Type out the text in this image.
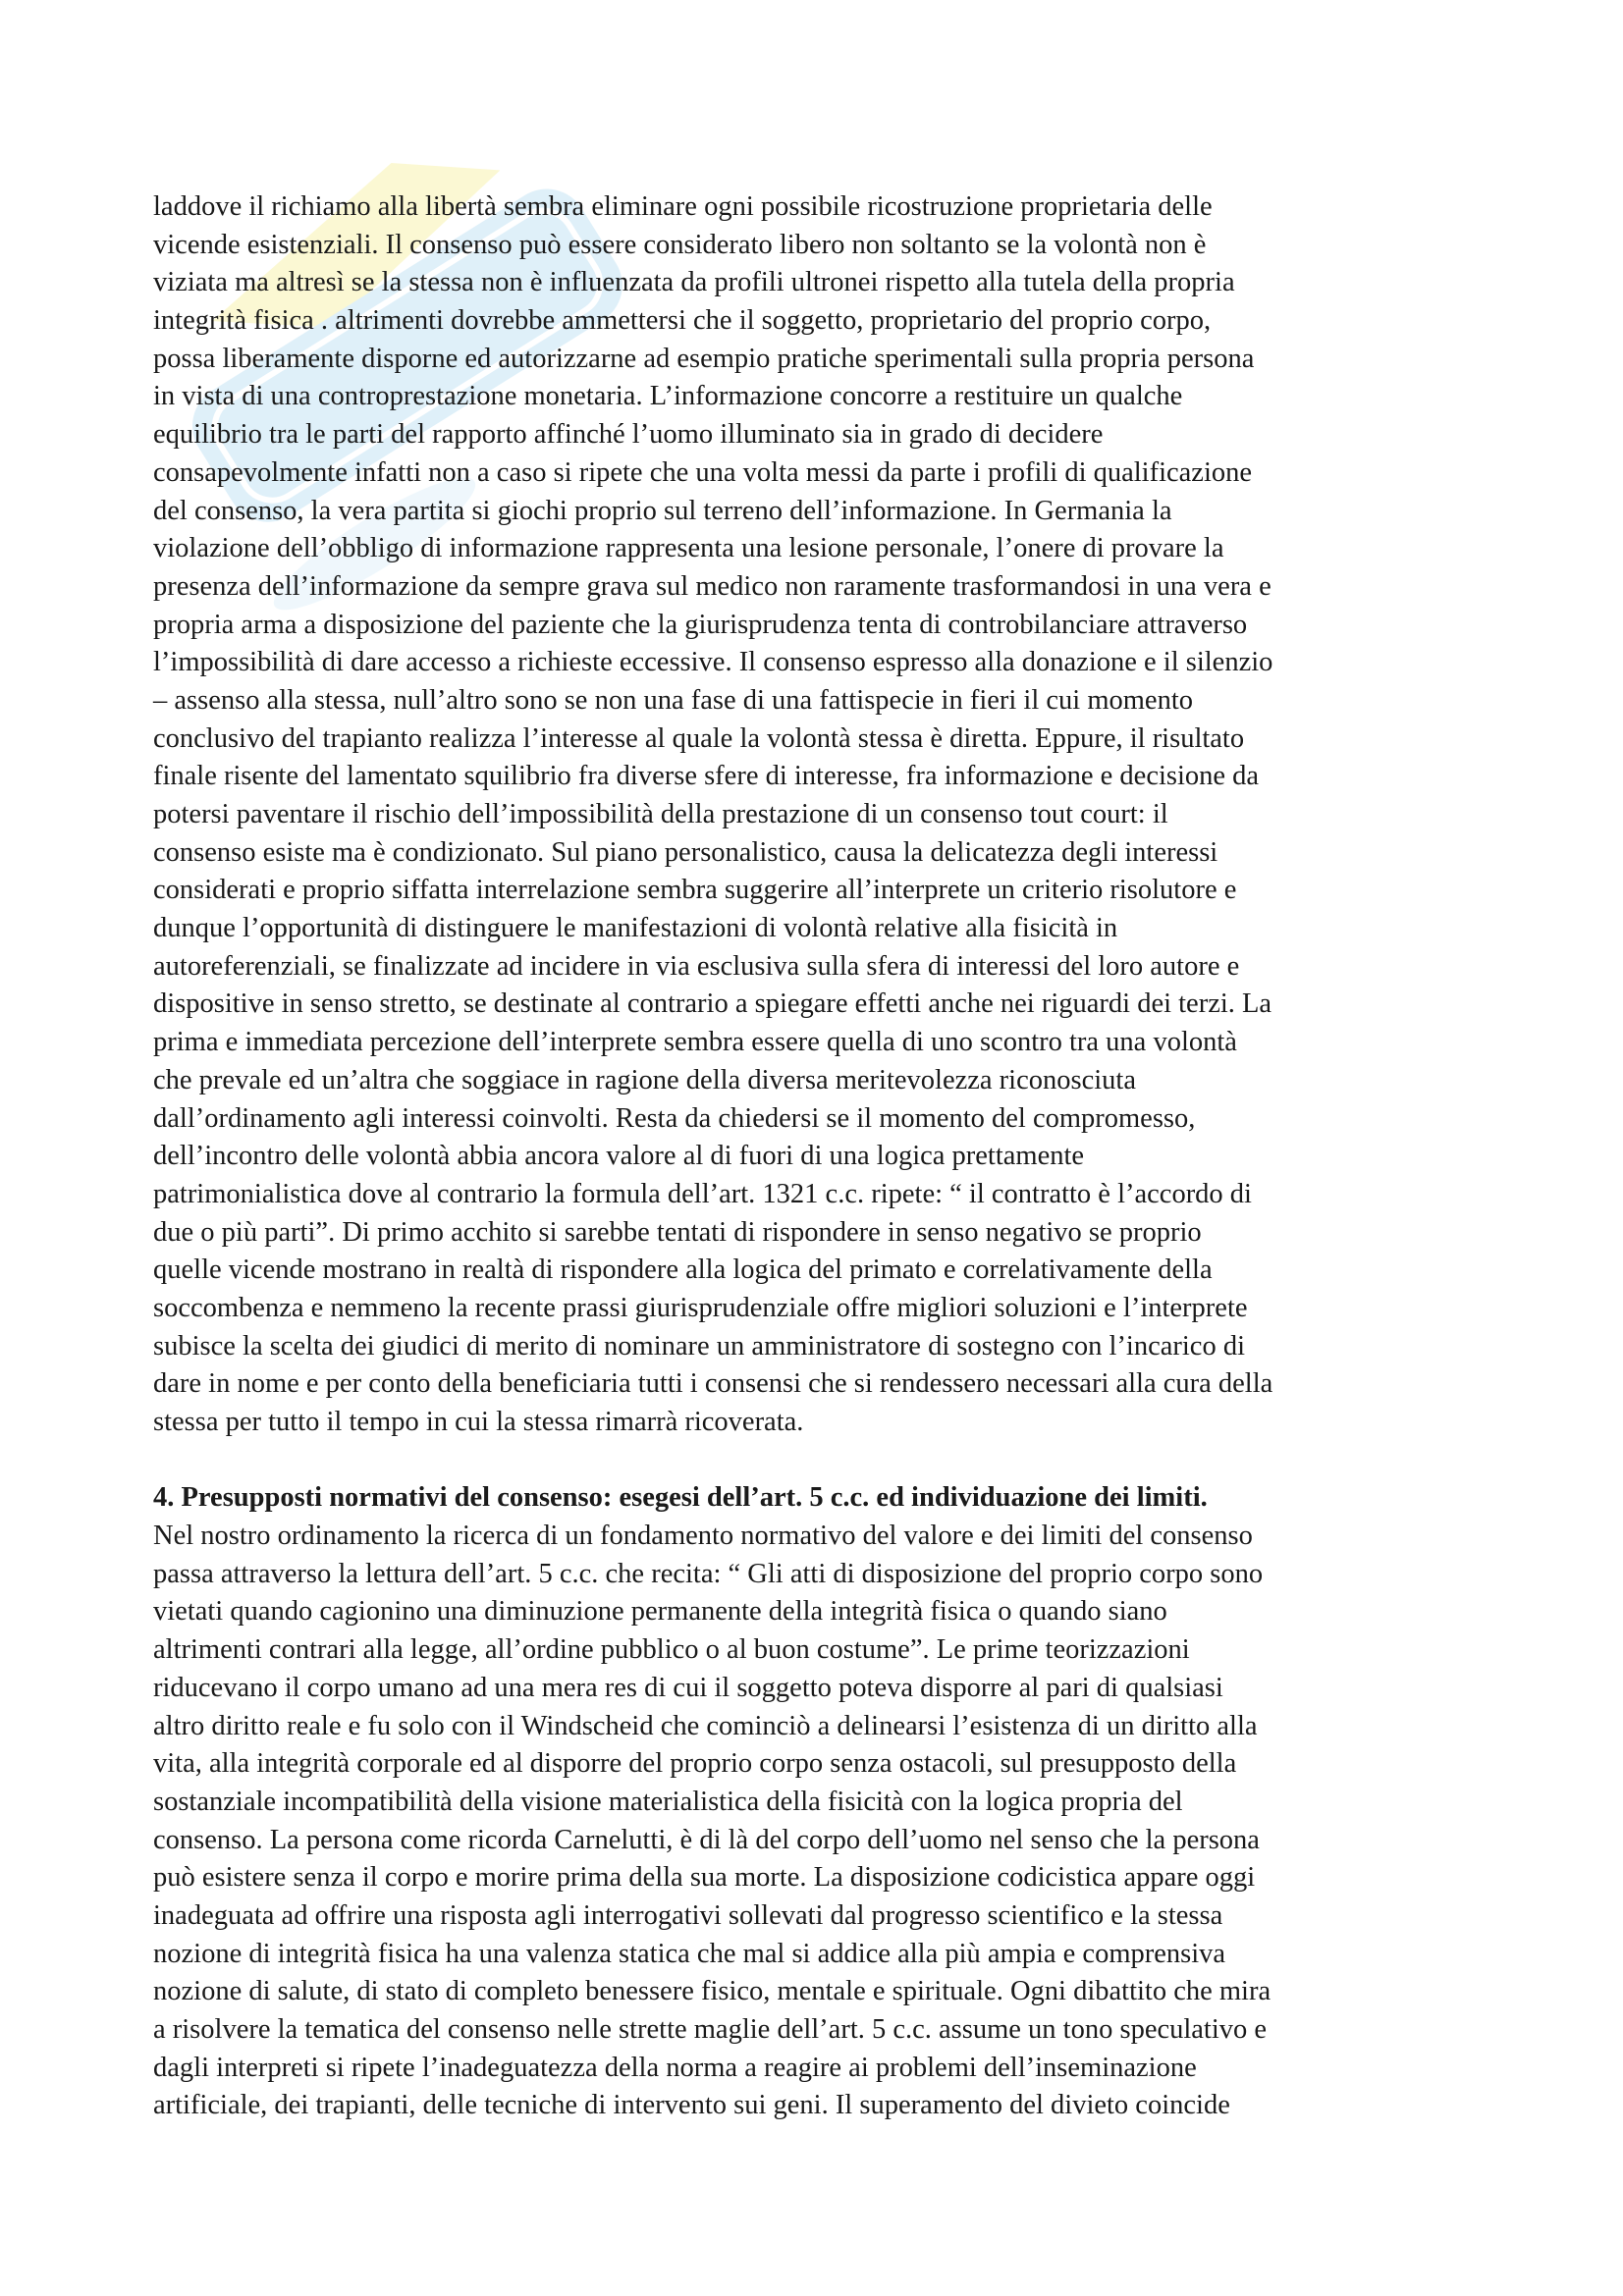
laddove il richiamo alla libertà sembra eliminare ogni possibile ricostruzione proprietaria delle
vicende esistenziali. Il consenso può essere considerato libero non soltanto se la volontà non è
viziata ma altresì se la stessa non è influenzata da profili ultronei rispetto alla tutela della propria
integrità fisica . altrimenti dovrebbe ammettersi che il soggetto, proprietario del proprio corpo,
possa liberamente disporne ed autorizzarne ad esempio pratiche sperimentali sulla propria persona
in vista di una controprestazione monetaria. L’informazione concorre a restituire un qualche
equilibrio tra le parti del rapporto affinché l’uomo illuminato sia in grado di decidere
consapevolmente infatti non a caso si ripete che una volta messi da parte i profili di qualificazione
del consenso, la vera partita si giochi proprio sul terreno dell’informazione. In Germania la
violazione dell’obbligo di informazione rappresenta una lesione personale, l’onere di provare la
presenza dell’informazione da sempre grava sul medico non raramente trasformandosi in una vera e
propria arma a disposizione del paziente che la giurisprudenza tenta di controbilanciare attraverso
l’impossibilità di dare accesso a richieste eccessive. Il consenso espresso alla donazione e il silenzio
– assenso alla stessa, null’altro sono se non una fase di una fattispecie in fieri il cui momento
conclusivo del trapianto realizza l’interesse al quale la volontà stessa è diretta. Eppure, il risultato
finale risente del lamentato squilibrio fra diverse sfere di interesse, fra informazione e decisione da
potersi paventare il rischio dell’impossibilità della prestazione di un consenso tout court: il
consenso esiste ma è condizionato. Sul piano personalistico, causa la delicatezza degli interessi
considerati e proprio siffatta interrelazione sembra suggerire all’interprete un criterio risolutore e
dunque l’opportunità di distinguere le manifestazioni di volontà relative alla fisicità in
autoreferenziali, se finalizzate ad incidere in via esclusiva sulla sfera di interessi del loro autore e
dispositive in senso stretto, se destinate al contrario a spiegare effetti anche nei riguardi dei terzi. La
prima e immediata percezione dell’interprete sembra essere quella di uno scontro tra una volontà
che prevale ed un’altra che soggiace in ragione della diversa meritevolezza riconosciuta
dall’ordinamento agli interessi coinvolti. Resta da chiedersi se il momento del compromesso,
dell’incontro delle volontà abbia ancora valore al di fuori di una logica prettamente
patrimonialistica dove al contrario la formula dell’art. 1321 c.c. ripete: “ il contratto è l’accordo di
due o più parti”. Di primo acchito si sarebbe tentati di rispondere in senso negativo se proprio
quelle vicende mostrano in realtà di rispondere alla logica del primato e correlativamente della
soccombenza e nemmeno la recente prassi giurisprudenziale offre migliori soluzioni e l’interprete
subisce la scelta dei giudici di merito di nominare un amministratore di sostegno con l’incarico di
dare in nome e per conto della beneficiaria tutti i consensi che si rendessero necessari alla cura della
stessa per tutto il tempo in cui la stessa rimarrà ricoverata.
4. Presupposti normativi del consenso: esegesi dell’art. 5 c.c. ed individuazione dei limiti.
Nel nostro ordinamento la ricerca di un fondamento normativo del valore e dei limiti del consenso
passa attraverso la lettura dell’art. 5 c.c. che recita: “ Gli atti di disposizione del proprio corpo sono
vietati quando cagionino una diminuzione permanente della integrità fisica o quando siano
altrimenti contrari alla legge, all’ordine pubblico o al buon costume”. Le prime teorizzazioni
riducevano il corpo umano ad una mera res di cui il soggetto poteva disporre al pari di qualsiasi
altro diritto reale e fu solo con il Windscheid che cominciò a delinearsi l’esistenza di un diritto alla
vita, alla integrità corporale ed al disporre del proprio corpo senza ostacoli, sul presupposto della
sostanziale incompatibilità della visione materialistica della fisicità con la logica propria del
consenso. La persona come ricorda Carnelutti, è di là del corpo dell’uomo nel senso che la persona
può esistere senza il corpo e morire prima della sua morte. La disposizione codicistica appare oggi
inadeguata ad offrire una risposta agli interrogativi sollevati dal progresso scientifico e la stessa
nozione di integrità fisica ha una valenza statica che mal si addice alla più ampia e comprensiva
nozione di salute, di stato di completo benessere fisico, mentale e spirituale. Ogni dibattito che mira
a risolvere la tematica del consenso nelle strette maglie dell’art. 5 c.c. assume un tono speculativo e
dagli interpreti si ripete l’inadeguatezza della norma a reagire ai problemi dell’inseminazione
artificiale, dei trapianti, delle tecniche di intervento sui geni. Il superamento del divieto coincide
